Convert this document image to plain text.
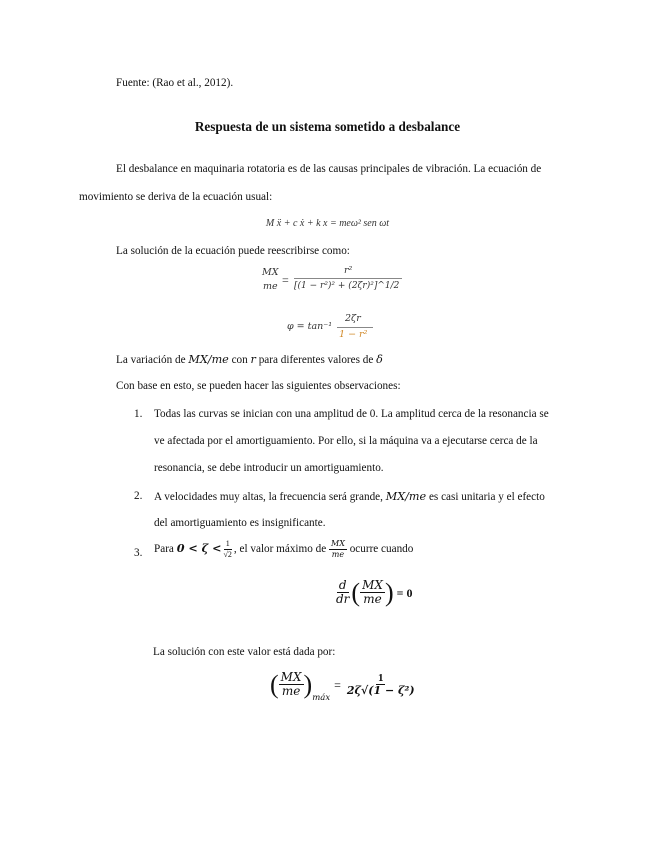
Fuente: (Rao et al., 2012).
Respuesta de un sistema sometido a desbalance
El desbalance en maquinaria rotatoria es de las causas principales de vibración. La ecuación de
movimiento se deriva de la ecuación usual:
M ẍ + c ẋ + k x = meω² sen ωt
La solución de la ecuación puede reescribirse como:
MX
me =
r²
[(1 − r²)² + (2ζr)²]^1/2
φ = tan⁻¹
2ζr
1 − r²
La variación de MX/me con r para diferentes valores de δ
Con base en esto, se pueden hacer las siguientes observaciones:
1. Todas las curvas se inician con una amplitud de 0. La amplitud cerca de la resonancia se
ve afectada por el amortiguamiento. Por ello, si la máquina va a ejecutarse cerca de la
resonancia, se debe introducir un amortiguamiento.
2. A velocidades muy altas, la frecuencia será grande, MX/me es casi unitaria y el efecto
del amortiguamiento es insignificante.
3. Para $0 < \zeta < \frac{1}{√2}$ , el valor máximo de $\frac{MX}{me}$ ocurre cuando
$\frac{d}{dr}$ ( $\frac{MX}{me}$ ) = 0
La solución con este valor está dada por:
( $\frac{MX}{me} )_{máx}= \frac{1}{\text{2ζ√(1 − ζ²)}}$
